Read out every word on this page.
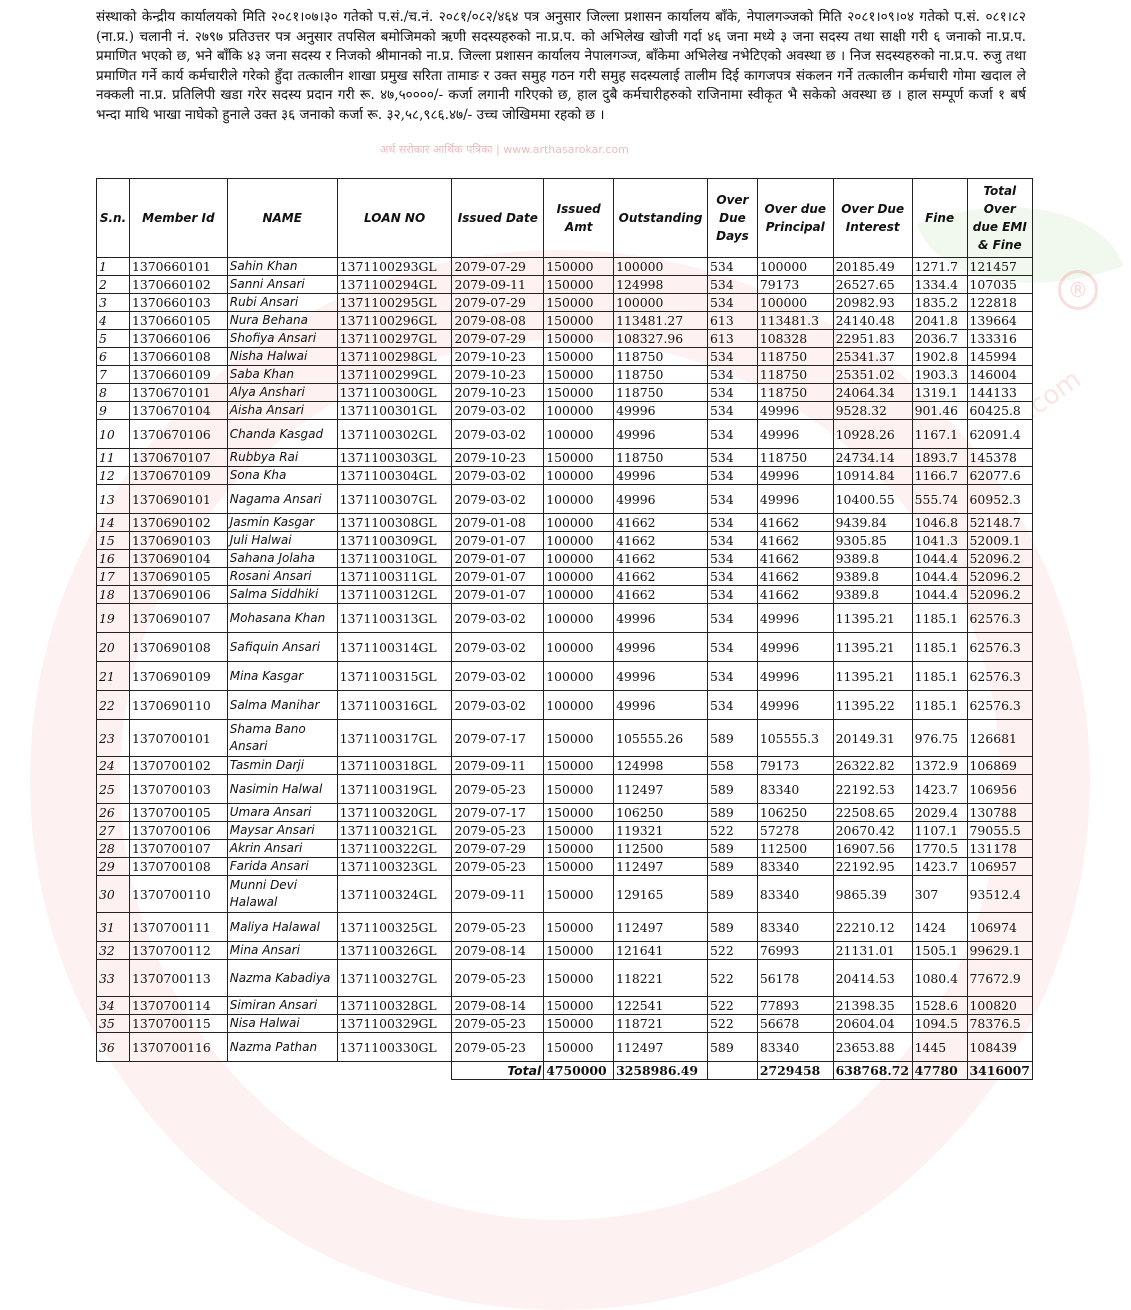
®
अर्थ सरोकार आर्थिक पत्रिका | www.arthasarokar.com
.com

संस्थाको केन्द्रीय कार्यालयको मिति २०८१।०७।३० गतेको प.सं./च.नं. २०८१/०८२/४६४ पत्र अनुसार जिल्ला प्रशासन कार्यालय बाँके, नेपालगञ्जको मिति २०८१।०९।०४ गतेको प.सं. ०८१।८२ (ना.प्र.) चलानी नं. २७९७ प्रतिउत्तर पत्र अनुसार तपसिल बमोजिमको ऋणी सदस्यहरुको ना.प्र.प. को अभिलेख खोजी गर्दा ४६ जना मध्ये ३ जना सदस्य तथा साक्षी गरी ६ जनाको ना.प्र.प. प्रमाणित भएको छ, भने बाँकि ४३ जना सदस्य र निजको श्रीमानको ना.प्र. जिल्ला प्रशासन कार्यालय नेपालगञ्ज, बाँकेमा अभिलेख नभेटिएको अवस्था छ । निज सदस्यहरुको ना.प्र.प. रुजु तथा प्रमाणित गर्ने कार्य कर्मचारीले गरेको हुँदा तत्कालीन शाखा प्रमुख सरिता तामाङ र उक्त समुह गठन गरी समुह सदस्यलाई तालीम दिई कागजपत्र संकलन गर्ने तत्कालीन कर्मचारी गोमा खदाल ले नक्कली ना.प्र. प्रतिलिपी खडा गरेर सदस्य प्रदान गरी रू. ४७,५००००/- कर्जा लगानी गरिएको छ, हाल दुबै कर्मचारीहरुको राजिनामा स्वीकृत भै सकेको अवस्था छ । हाल सम्पूर्ण कर्जा १ बर्ष भन्दा माथि भाखा नाघेको हुनाले उक्त ३६ जनाको कर्जा रू. ३२,५८,९८६.४७/- उच्च जोखिममा रहको छ ।

S.n.	Member Id	NAME	LOAN NO	Issued Date	Issued Amt	Outstanding	Over Due Days	Over due Principal	Over Due Interest	Fine	Total Over due EMI & Fine
1	1370660101	Sahin Khan	1371100293GL	2079-07-29	150000	100000	534	100000	20185.49	1271.7	121457
2	1370660102	Sanni Ansari	1371100294GL	2079-09-11	150000	124998	534	79173	26527.65	1334.4	107035
3	1370660103	Rubi Ansari	1371100295GL	2079-07-29	150000	100000	534	100000	20982.93	1835.2	122818
4	1370660105	Nura Behana	1371100296GL	2079-08-08	150000	113481.27	613	113481.3	24140.48	2041.8	139664
5	1370660106	Shofiya Ansari	1371100297GL	2079-07-29	150000	108327.96	613	108328	22951.83	2036.7	133316
6	1370660108	Nisha Halwai	1371100298GL	2079-10-23	150000	118750	534	118750	25341.37	1902.8	145994
7	1370660109	Saba Khan	1371100299GL	2079-10-23	150000	118750	534	118750	25351.02	1903.3	146004
8	1370670101	Alya Anshari	1371100300GL	2079-10-23	150000	118750	534	118750	24064.34	1319.1	144133
9	1370670104	Aisha Ansari	1371100301GL	2079-03-02	100000	49996	534	49996	9528.32	901.46	60425.8
10	1370670106	Chanda Kasgad	1371100302GL	2079-03-02	100000	49996	534	49996	10928.26	1167.1	62091.4
11	1370670107	Rubbya Rai	1371100303GL	2079-10-23	150000	118750	534	118750	24734.14	1893.7	145378
12	1370670109	Sona Kha	1371100304GL	2079-03-02	100000	49996	534	49996	10914.84	1166.7	62077.6
13	1370690101	Nagama Ansari	1371100307GL	2079-03-02	100000	49996	534	49996	10400.55	555.74	60952.3
14	1370690102	Jasmin Kasgar	1371100308GL	2079-01-08	100000	41662	534	41662	9439.84	1046.8	52148.7
15	1370690103	Juli Halwai	1371100309GL	2079-01-07	100000	41662	534	41662	9305.85	1041.3	52009.1
16	1370690104	Sahana Jolaha	1371100310GL	2079-01-07	100000	41662	534	41662	9389.8	1044.4	52096.2
17	1370690105	Rosani Ansari	1371100311GL	2079-01-07	100000	41662	534	41662	9389.8	1044.4	52096.2
18	1370690106	Salma Siddhiki	1371100312GL	2079-01-07	100000	41662	534	41662	9389.8	1044.4	52096.2
19	1370690107	Mohasana Khan	1371100313GL	2079-03-02	100000	49996	534	49996	11395.21	1185.1	62576.3
20	1370690108	Safiquin Ansari	1371100314GL	2079-03-02	100000	49996	534	49996	11395.21	1185.1	62576.3
21	1370690109	Mina Kasgar	1371100315GL	2079-03-02	100000	49996	534	49996	11395.21	1185.1	62576.3
22	1370690110	Salma Manihar	1371100316GL	2079-03-02	100000	49996	534	49996	11395.22	1185.1	62576.3
23	1370700101	Shama Bano Ansari	1371100317GL	2079-07-17	150000	105555.26	589	105555.3	20149.31	976.75	126681
24	1370700102	Tasmin Darji	1371100318GL	2079-09-11	150000	124998	558	79173	26322.82	1372.9	106869
25	1370700103	Nasimin Halwal	1371100319GL	2079-05-23	150000	112497	589	83340	22192.53	1423.7	106956
26	1370700105	Umara Ansari	1371100320GL	2079-07-17	150000	106250	589	106250	22508.65	2029.4	130788
27	1370700106	Maysar Ansari	1371100321GL	2079-05-23	150000	119321	522	57278	20670.42	1107.1	79055.5
28	1370700107	Akrin Ansari	1371100322GL	2079-07-29	150000	112500	589	112500	16907.56	1770.5	131178
29	1370700108	Farida Ansari	1371100323GL	2079-05-23	150000	112497	589	83340	22192.95	1423.7	106957
30	1370700110	Munni Devi Halawal	1371100324GL	2079-09-11	150000	129165	589	83340	9865.39	307	93512.4
31	1370700111	Maliya Halawal	1371100325GL	2079-05-23	150000	112497	589	83340	22210.12	1424	106974
32	1370700112	Mina Ansari	1371100326GL	2079-08-14	150000	121641	522	76993	21131.01	1505.1	99629.1
33	1370700113	Nazma Kabadiya	1371100327GL	2079-05-23	150000	118221	522	56178	20414.53	1080.4	77672.9
34	1370700114	Simiran Ansari	1371100328GL	2079-08-14	150000	122541	522	77893	21398.35	1528.6	100820
35	1370700115	Nisa Halwai	1371100329GL	2079-05-23	150000	118721	522	56678	20604.04	1094.5	78376.5
36	1370700116	Nazma Pathan	1371100330GL	2079-05-23	150000	112497	589	83340	23653.88	1445	108439
				Total	4750000	3258986.49		2729458	638768.72	47780	3416007
